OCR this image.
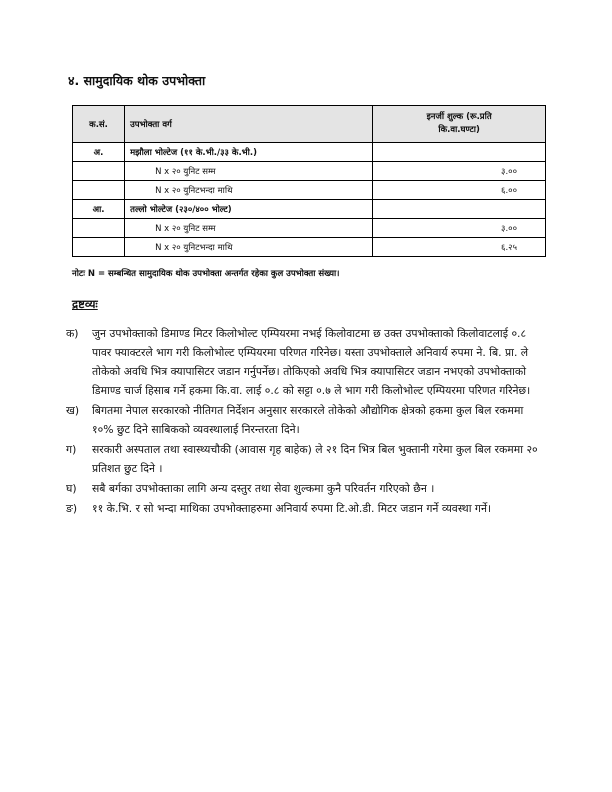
४. सामुदायिक थोक उपभोक्ता
क.सं.	उपभोक्ता वर्ग	इनर्जी शुल्क (रू.प्रति
कि.वा.घण्टा)

अ.	मझौला भोल्टेज (११ के.भी./३३ के.भी.)	
	N x २० युनिट सम्म	३.००
	N x २० युनिटभन्दा माथि	६.००
आ.	तल्लो भोल्टेज (२३०/४०० भोल्ट)	
	N x २० युनिट सम्म	३.००
	N x २० युनिटभन्दा माथि	६.२५

नोटः N = सम्बन्धित सामुदायिक थोक उपभोक्ता अन्तर्गत रहेका कुल उपभोक्ता संख्या।

द्रष्टव्यः
क) जुन उपभोक्ताको डिमाण्ड मिटर किलोभोल्ट एम्पियरमा नभई किलोवाटमा छ उक्त उपभोक्ताको किलोवाटलाई ०.८ पावर फ्याक्टरले भाग गरी किलोभोल्ट एम्पियरमा परिणत गरिनेछ। यस्ता उपभोक्ताले अनिवार्य रुपमा ने. बि. प्रा. ले तोकेको अवधि भित्र क्यापासिटर जडान गर्नुपर्नेछ। तोकिएको अवधि भित्र क्यापासिटर जडान नभएको उपभोक्ताको डिमाण्ड चार्ज हिसाब गर्ने हकमा कि.वा. लाई ०.८ को सट्टा ०.७ ले भाग गरी किलोभोल्ट एम्पियरमा परिणत गरिनेछ।
ख) बिगतमा नेपाल सरकारको नीतिगत निर्देशन अनुसार सरकारले तोकेको औद्योगिक क्षेत्रको हकमा कुल बिल रकममा १०% छुट दिने साबिकको व्यवस्थालाई निरन्तरता दिने।
ग) सरकारी अस्पताल तथा स्वास्थ्यचौकी (आवास गृह बाहेक) ले २१ दिन भित्र बिल भुक्तानी गरेमा कुल बिल रकममा २० प्रतिशत छुट दिने ।
घ) सबै बर्गका उपभोक्ताका लागि अन्य दस्तुर तथा सेवा शुल्कमा कुनै परिवर्तन गरिएको छैन ।
ङ) ११ के.भि. र सो भन्दा माथिका उपभोक्ताहरुमा अनिवार्य रुपमा टि.ओ.डी. मिटर जडान गर्ने व्यवस्था गर्ने।
